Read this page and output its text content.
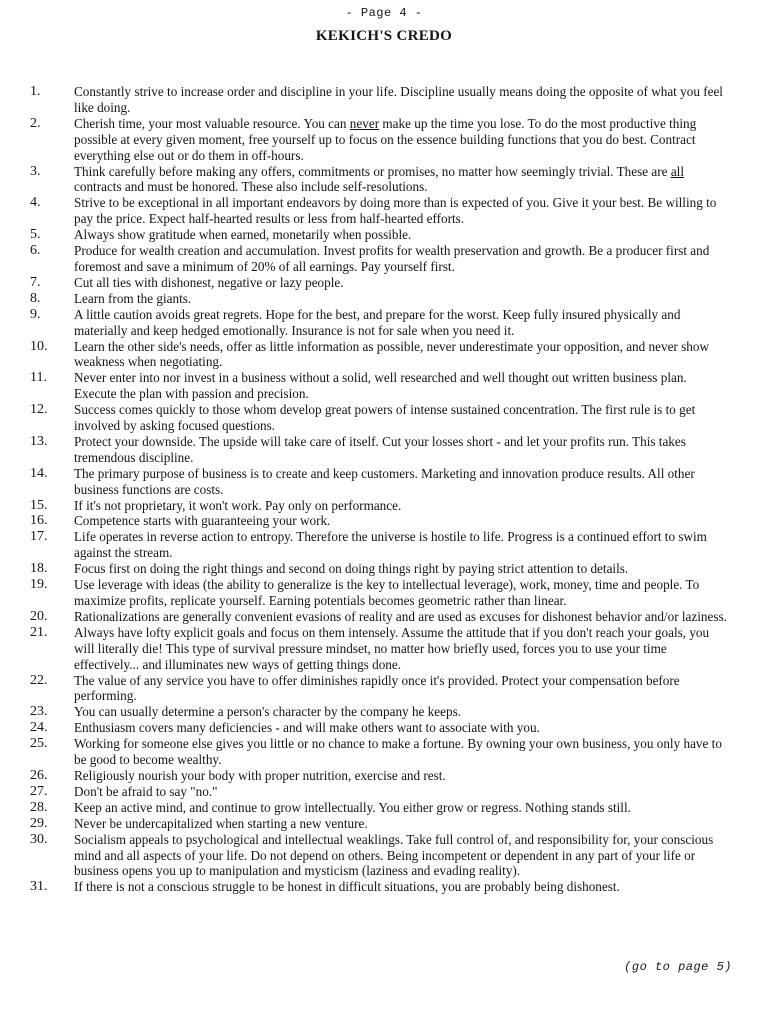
- Page 4 -
KEKICH'S CREDO
1.	Constantly strive to increase order and discipline in your life. Discipline usually means doing the opposite of what you feel like doing.
2.	Cherish time, your most valuable resource. You can never make up the time you lose. To do the most productive thing possible at every given moment, free yourself up to focus on the essence building functions that you do best. Contract everything else out or do them in off-hours.
3.	Think carefully before making any offers, commitments or promises, no matter how seemingly trivial. These are all contracts and must be honored. These also include self-resolutions.
4.	Strive to be exceptional in all important endeavors by doing more than is expected of you. Give it your best. Be willing to pay the price. Expect half-hearted results or less from half-hearted efforts.
5.	Always show gratitude when earned, monetarily when possible.
6.	Produce for wealth creation and accumulation. Invest profits for wealth preservation and growth. Be a producer first and foremost and save a minimum of 20% of all earnings. Pay yourself first.
7.	Cut all ties with dishonest, negative or lazy people.
8.	Learn from the giants.
9.	A little caution avoids great regrets. Hope for the best, and prepare for the worst. Keep fully insured physically and materially and keep hedged emotionally. Insurance is not for sale when you need it.
10.	Learn the other side's needs, offer as little information as possible, never underestimate your opposition, and never show weakness when negotiating.
11.	Never enter into nor invest in a business without a solid, well researched and well thought out written business plan. Execute the plan with passion and precision.
12.	Success comes quickly to those whom develop great powers of intense sustained concentration. The first rule is to get involved by asking focused questions.
13.	Protect your downside. The upside will take care of itself. Cut your losses short - and let your profits run. This takes tremendous discipline.
14.	The primary purpose of business is to create and keep customers. Marketing and innovation produce results. All other business functions are costs.
15.	If it's not proprietary, it won't work. Pay only on performance.
16.	Competence starts with guaranteeing your work.
17.	Life operates in reverse action to entropy. Therefore the universe is hostile to life. Progress is a continued effort to swim against the stream.
18.	Focus first on doing the right things and second on doing things right by paying strict attention to details.
19.	Use leverage with ideas (the ability to generalize is the key to intellectual leverage), work, money, time and people. To maximize profits, replicate yourself. Earning potentials becomes geometric rather than linear.
20.	Rationalizations are generally convenient evasions of reality and are used as excuses for dishonest behavior and/or laziness.
21.	Always have lofty explicit goals and focus on them intensely. Assume the attitude that if you don't reach your goals, you will literally die! This type of survival pressure mindset, no matter how briefly used, forces you to use your time effectively... and illuminates new ways of getting things done.
22.	The value of any service you have to offer diminishes rapidly once it's provided. Protect your compensation before performing.
23.	You can usually determine a person's character by the company he keeps.
24.	Enthusiasm covers many deficiencies - and will make others want to associate with you.
25.	Working for someone else gives you little or no chance to make a fortune. By owning your own business, you only have to be good to become wealthy.
26.	Religiously nourish your body with proper nutrition, exercise and rest.
27.	Don't be afraid to say "no."
28.	Keep an active mind, and continue to grow intellectually. You either grow or regress. Nothing stands still.
29.	Never be undercapitalized when starting a new venture.
30.	Socialism appeals to psychological and intellectual weaklings. Take full control of, and responsibility for, your conscious mind and all aspects of your life. Do not depend on others. Being incompetent or dependent in any part of your life or business opens you up to manipulation and mysticism (laziness and evading reality).
31.	If there is not a conscious struggle to be honest in difficult situations, you are probably being dishonest.
(go to page 5)
